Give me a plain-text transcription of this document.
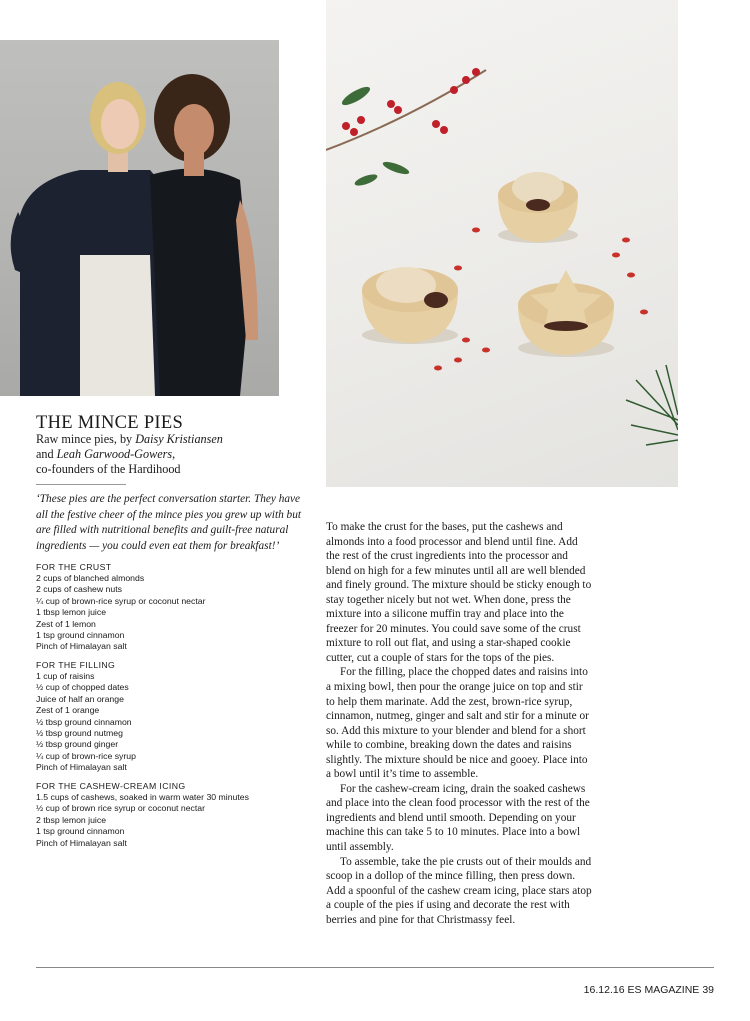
THE MINCE PIES
Raw mince pies, by Daisy Kristiansen
and Leah Garwood-Gowers,
co-founders of the Hardihood
‘These pies are the perfect conversation starter. They have all the festive cheer of the mince pies you grew up with but are filled with nutritional benefits and guilt-free natural ingredients — you could even eat them for breakfast!’
FOR THE CRUST
2 cups of blanched almonds
2 cups of cashew nuts
¼ cup of brown-rice syrup or coconut nectar
1 tbsp lemon juice
Zest of 1 lemon
1 tsp ground cinnamon
Pinch of Himalayan salt
FOR THE FILLING
1 cup of raisins
½ cup of chopped dates
Juice of half an orange
Zest of 1 orange
½ tbsp ground cinnamon
½ tbsp ground nutmeg
½ tbsp ground ginger
¼ cup of brown-rice syrup
Pinch of Himalayan salt
FOR THE CASHEW-CREAM ICING
1.5 cups of cashews, soaked in warm water 30 minutes
½ cup of brown rice syrup or coconut nectar
2 tbsp lemon juice
1 tsp ground cinnamon
Pinch of Himalayan salt

To make the crust for the bases, put the cashews and almonds into a food processor and blend until fine. Add the rest of the crust ingredients into the processor and blend on high for a few minutes until all are well blended and finely ground. The mixture should be sticky enough to stay together nicely but not wet. When done, press the mixture into a silicone muffin tray and place into the freezer for 20 minutes. You could save some of the crust mixture to roll out flat, and using a star-shaped cookie cutter, cut a couple of stars for the tops of the pies.

For the filling, place the chopped dates and raisins into a mixing bowl, then pour the orange juice on top and stir to help them marinate. Add the zest, brown-rice syrup, cinnamon, nutmeg, ginger and salt and stir for a minute or so. Add this mixture to your blender and blend for a short while to combine, breaking down the dates and raisins slightly. The mixture should be nice and gooey. Place into a bowl until it’s time to assemble.

For the cashew-cream icing, drain the soaked cashews and place into the clean food processor with the rest of the ingredients and blend until smooth. Depending on your machine this can take 5 to 10 minutes. Place into a bowl until assembly.

To assemble, take the pie crusts out of their moulds and scoop in a dollop of the mince filling, then press down. Add a spoonful of the cashew cream icing, place stars atop a couple of the pies if using and decorate the rest with berries and pine for that Christmassy feel.

16.12.16 ES MAGAZINE 39
